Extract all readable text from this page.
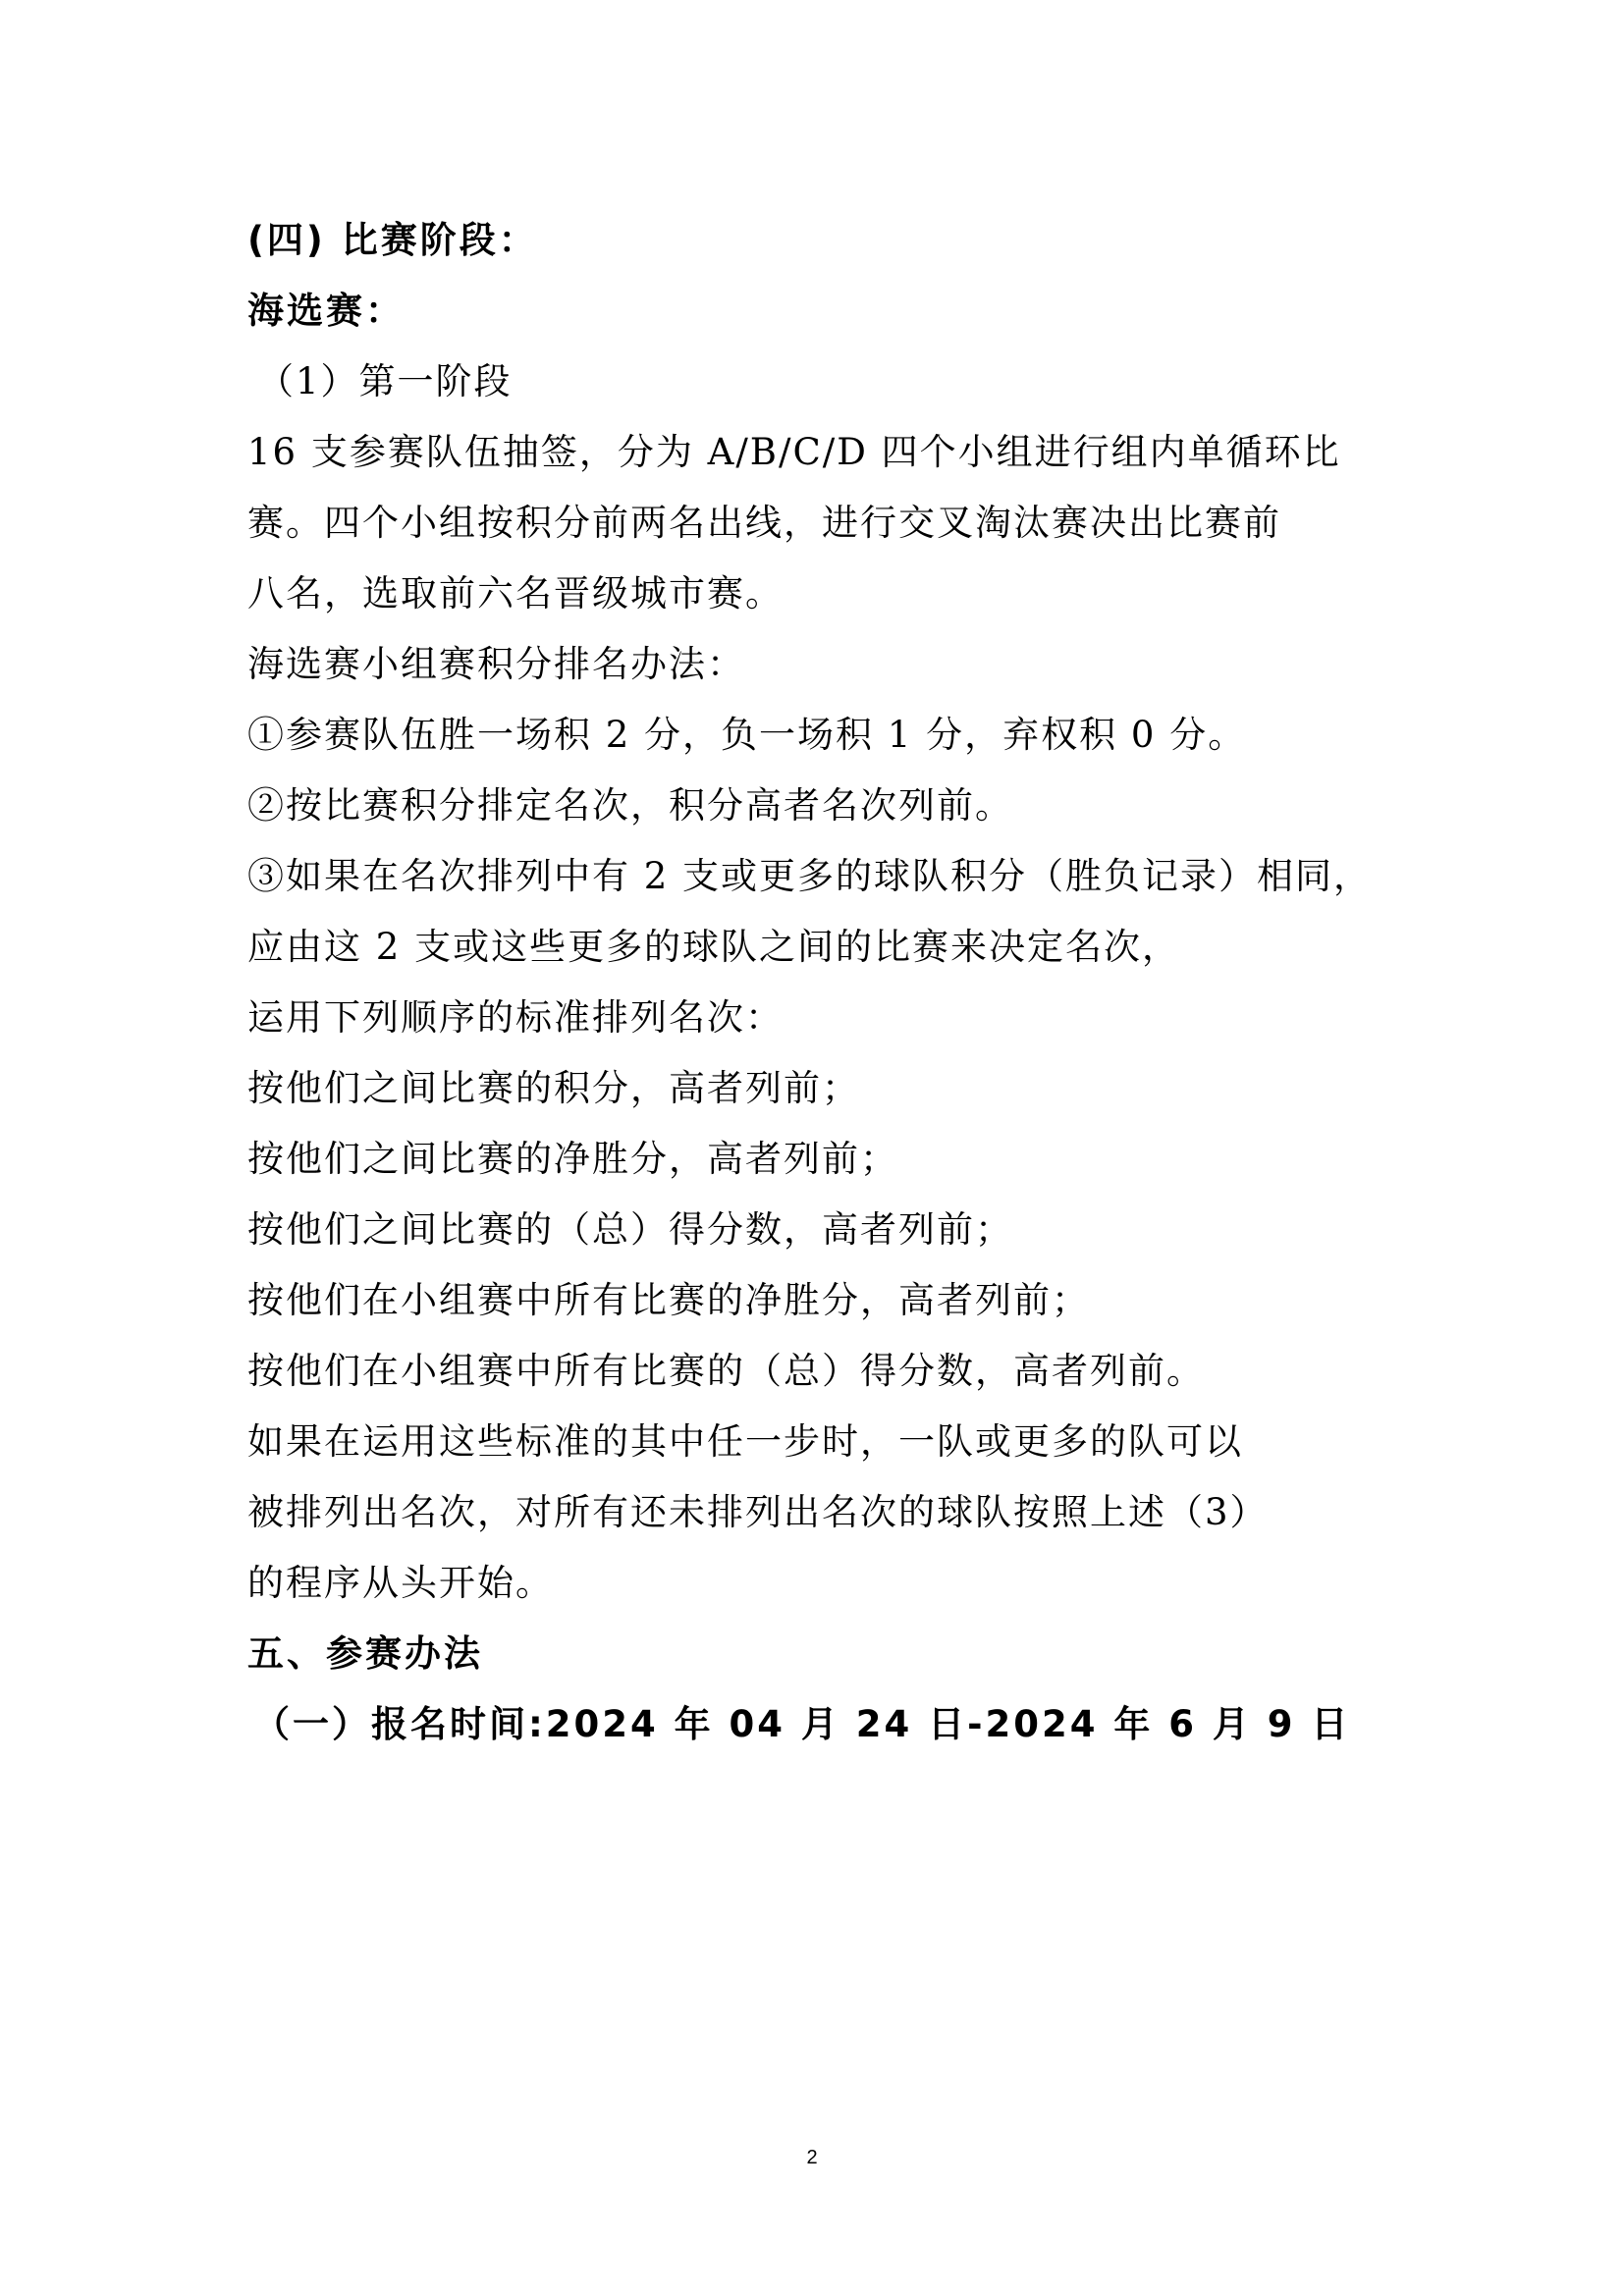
(四) 比赛阶段：
海选赛：
（1）第一阶段
16 支参赛队伍抽签，分为 A/B/C/D 四个小组进行组内单循环比
赛。四个小组按积分前两名出线，进行交叉淘汰赛决出比赛前
八名，选取前六名晋级城市赛。
海选赛小组赛积分排名办法：
①参赛队伍胜一场积 2 分，负一场积 1 分，弃权积 0 分。
②按比赛积分排定名次，积分高者名次列前。
③如果在名次排列中有 2 支或更多的球队积分（胜负记录）相同，
应由这 2 支或这些更多的球队之间的比赛来决定名次，
运用下列顺序的标准排列名次：
按他们之间比赛的积分，高者列前；
按他们之间比赛的净胜分，高者列前；
按他们之间比赛的（总）得分数，高者列前；
按他们在小组赛中所有比赛的净胜分，高者列前；
按他们在小组赛中所有比赛的（总）得分数，高者列前。
如果在运用这些标准的其中任一步时，一队或更多的队可以
被排列出名次，对所有还未排列出名次的球队按照上述（3）
的程序从头开始。
五、参赛办法
（一）报名时间:2024 年 04 月 24 日-2024 年 6 月 9 日
2
